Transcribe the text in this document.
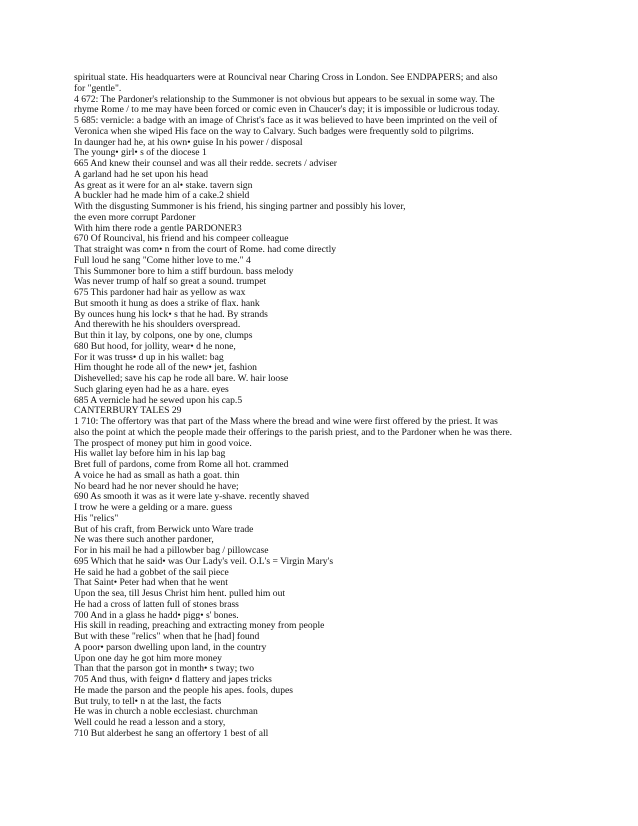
spiritual state. His headquarters were at Rouncival near Charing Cross in London. See ENDPAPERS; and also
for "gentle".
4 672: The Pardoner's relationship to the Summoner is not obvious but appears to be sexual in some way. The
rhyme Rome / to me may have been forced or comic even in Chaucer's day; it is impossible or ludicrous today.
5 685: vernicle: a badge with an image of Christ's face as it was believed to have been imprinted on the veil of
Veronica when she wiped His face on the way to Calvary. Such badges were frequently sold to pilgrims.
In daunger had he, at his own• guise In his power / disposal
The young• girl• s of the diocese 1
665 And knew their counsel and was all their redde. secrets / adviser
A garland had he set upon his head
As great as it were for an al• stake. tavern sign
A buckler had he made him of a cake.2 shield
With the disgusting Summoner is his friend, his singing partner and possibly his lover,
the even more corrupt Pardoner
With him there rode a gentle PARDONER3
670 Of Rouncival, his friend and his compeer colleague
That straight was com• n from the court of Rome. had come directly
Full loud he sang "Come hither love to me." 4
This Summoner bore to him a stiff burdoun. bass melody
Was never trump of half so great a sound. trumpet
675 This pardoner had hair as yellow as wax
But smooth it hung as does a strike of flax. hank
By ounces hung his lock• s that he had. By strands
And therewith he his shoulders overspread.
But thin it lay, by colpons, one by one, clumps
680 But hood, for jollity, wear• d he none,
For it was truss• d up in his wallet: bag
Him thought he rode all of the new• jet, fashion
Dishevelled; save his cap he rode all bare. W. hair loose
Such glaring eyen had he as a hare. eyes
685 A vernicle had he sewed upon his cap.5
CANTERBURY TALES 29
1 710: The offertory was that part of the Mass where the bread and wine were first offered by the priest. It was
also the point at which the people made their offerings to the parish priest, and to the Pardoner when he was there.
The prospect of money put him in good voice.
His wallet lay before him in his lap bag
Bret full of pardons, come from Rome all hot. crammed
A voice he had as small as hath a goat. thin
No beard had he nor never should he have;
690 As smooth it was as it were late y-shave. recently shaved
I trow he were a gelding or a mare. guess
His "relics"
But of his craft, from Berwick unto Ware trade
Ne was there such another pardoner,
For in his mail he had a pillowber bag / pillowcase
695 Which that he said• was Our Lady's veil. O.L's = Virgin Mary's
He said he had a gobbet of the sail piece
That Saint• Peter had when that he went
Upon the sea, till Jesus Christ him hent. pulled him out
He had a cross of latten full of stones brass
700 And in a glass he hadd• pigg• s' bones.
His skill in reading, preaching and extracting money from people
But with these "relics" when that he [had] found
A poor• parson dwelling upon land, in the country
Upon one day he got him more money
Than that the parson got in month• s tway; two
705 And thus, with feign• d flattery and japes tricks
He made the parson and the people his apes. fools, dupes
But truly, to tell• n at the last, the facts
He was in church a noble ecclesiast. churchman
Well could he read a lesson and a story,
710 But alderbest he sang an offertory 1 best of all
